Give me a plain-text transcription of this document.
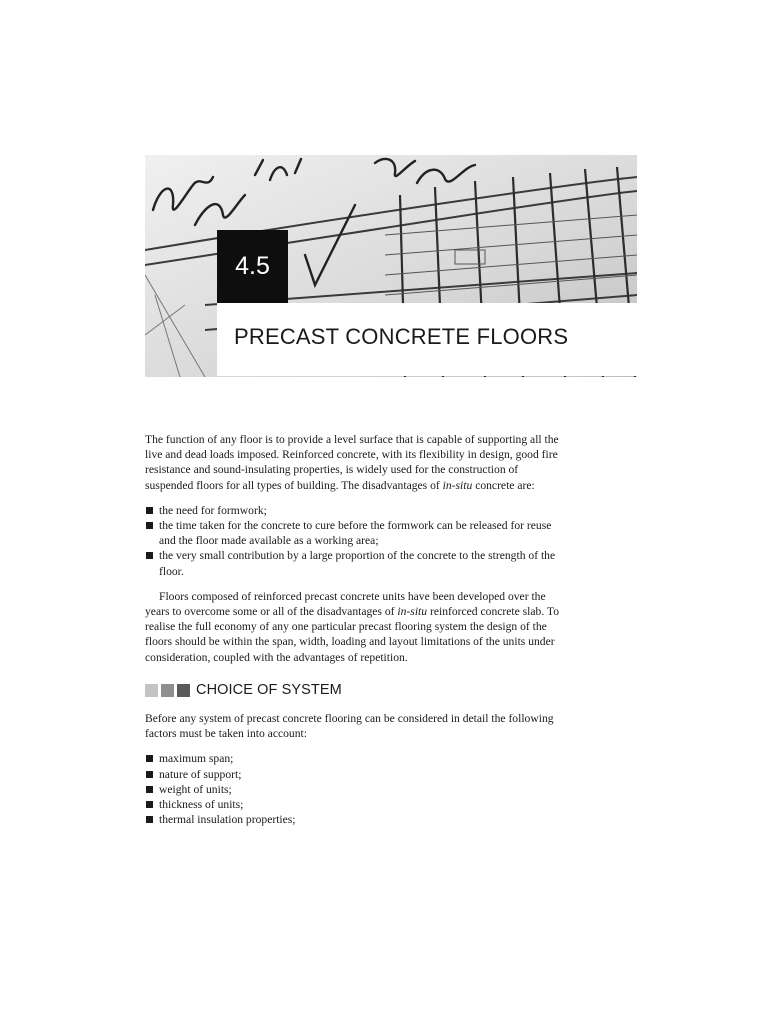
4.5
PRECAST CONCRETE FLOORS

The function of any floor is to provide a level surface that is capable of supporting all the live and dead loads imposed. Reinforced concrete, with its flexibility in design, good fire resistance and sound-insulating properties, is widely used for the construction of suspended floors for all types of building. The disadvantages of in-situ concrete are:

the need for formwork;
the time taken for the concrete to cure before the formwork can be released for reuse and the floor made available as a working area;
the very small contribution by a large proportion of the concrete to the strength of the floor.

Floors composed of reinforced precast concrete units have been developed over the years to overcome some or all of the disadvantages of in-situ reinforced concrete slab. To realise the full economy of any one particular precast flooring system the design of the floors should be within the span, width, loading and layout limitations of the units under consideration, coupled with the advantages of repetition.

CHOICE OF SYSTEM

Before any system of precast concrete flooring can be considered in detail the following factors must be taken into account:

maximum span;
nature of support;
weight of units;
thickness of units;
thermal insulation properties;
